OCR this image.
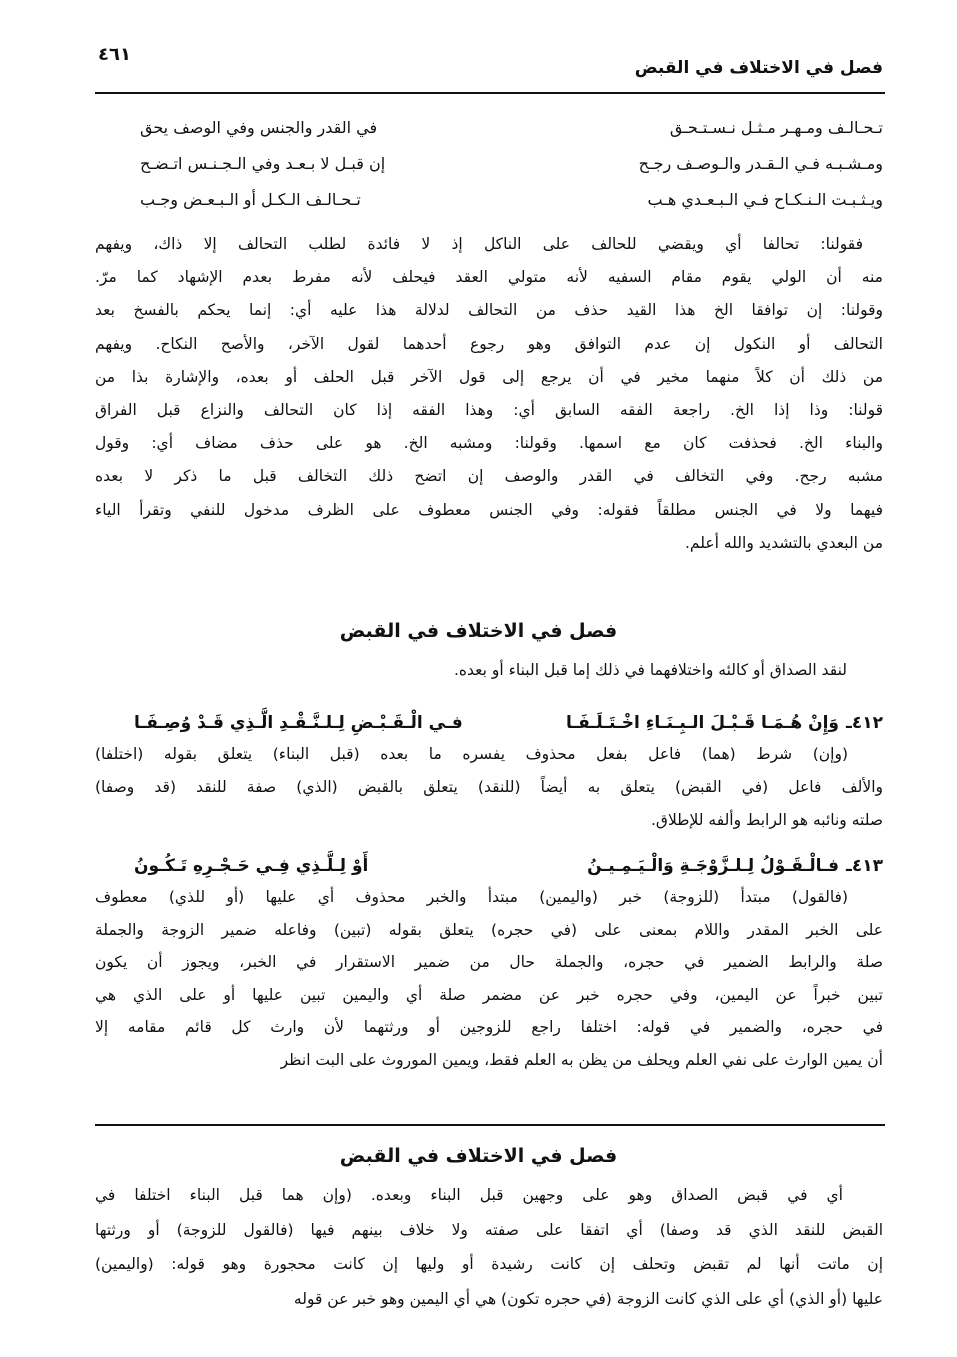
٤٦١
فصل في الاختلاف في القبض
تـحـالـف ومـهـر مـثـل نـسـتـحـق
في القدر والجنس وفي الوصف يحق
ومـشـبـه فـي الـقـدر والـوصـف رجـح
إن قبـل لا بـعـد وفي الـجـنـس اتـضـح
ويـثـبـت الـنـكـاح فـي الـبـعـدي هـب
تـحـالـف الـكـل أو الـبـعـض وجـب
فقولنا: تحالفا أي ويقضي للحالف على الناكل إذ لا فائدة لطلب التحالف إلا ذاك، ويفهم
منه أن الولي يقوم مقام السفيه لأنه متولي العقد فيحلف لأنه مفرط بعدم الإشهاد كما مرّ.
وقولنا: إن توافقا الخ هذا القيد حذف من التحالف لدلالة هذا عليه أي: إنما يحكم بالفسخ بعد
التحالف أو النكول إن عدم التوافق وهو رجوع أحدهما لقول الآخر، والأصح النكاح. ويفهم
من ذلك أن كلاً منهما مخير في أن يرجع إلى قول الآخر قبل الحلف أو بعده، والإشارة بذا من
قولنا: وذا إذا الخ. راجعة الفقه السابق أي: وهذا الفقه إذا كان التحالف والنزاع قبل الفراق
والبناء الخ. فحذفت كان مع اسمها. وقولنا: ومشبه الخ. هو على حذف مضاف أي: وقول
مشبه رجح. وفي التخالف في القدر والوصف إن اتضح ذلك التخالف قبل ما ذكر لا بعده
فيهما ولا في الجنس مطلقاً فقوله: وفي الجنس معطوف على الظرف مدخول للنفي وتقرأ الياء
من البعدي بالتشديد والله أعلم.
فصل في الاختلاف في القبض
لنقد الصداق أو كالئه واختلافهما في ذلك إما قبل البناء أو بعده.
٤١٢ـ
وَإِنْ هُـمَـا قَـبْـلَ الـبِـنَـاءِ اخْـتَـلَـفَـا
فـي الْـقَـبْـضِ لِـلـنَّـقْـدِ الَّـذِي قَـدْ وُصِـفَـا
(وإن) شرط (هما) فاعل بفعل محذوف يفسره ما بعده (قبل البناء) يتعلق بقوله (اختلفا)
والألف فاعل (في القبض) يتعلق به أيضاً (للنقد) يتعلق بالقبض (الذي) صفة للنقد (قد وصفا)
صلته ونائبه هو الرابط وألفه للإطلاق.
٤١٣ـ
فـالْـقَـوْلُ لِـلـزَّوْجَـةِ وَالْـيَـمِـيـنُ
أَوْ لِـلَّـذِي فِـي حَـجْـرِهِ تَـكُـونُ
(فالقول) مبتدأ (للزوجة) خبر (واليمين) مبتدأ والخبر محذوف أي عليها (أو للذي) معطوف
على الخبر المقدر واللام بمعنى على (في حجره) يتعلق بقوله (تبين) وفاعله ضمير الزوجة والجملة
صلة والرابط الضمير في حجره، والجملة حال من ضمير الاستقرار في الخبر، ويجوز أن يكون
تبين خبراً عن اليمين، وفي حجره خبر عن مضمر صلة أي واليمين تبين عليها أو على الذي هي
في حجره، والضمير في قوله: اختلفا راجع للزوجين أو ورثتهما لأن وارث كل قائم مقامه إلا
أن يمين الوارث على نفي العلم ويحلف من يظن به العلم فقط، ويمين الموروث على البت انظر
فصل في الاختلاف في القبض
أي في قبض الصداق وهو على وجهين قبل البناء وبعده. (وإن هما قبل البناء اختلفا في
القبض للنقد الذي قد وصفا) أي اتفقا على صفته ولا خلاف بينهم فيها (فالقول للزوجة) أو ورثتها
إن ماتت أنها لم تقبض وتحلف إن كانت رشيدة أو وليها إن كانت محجورة وهو قوله: (واليمين)
عليها (أو الذي) أي على الذي كانت الزوجة (في حجره تكون) هي أي اليمين وهو خبر عن قوله
